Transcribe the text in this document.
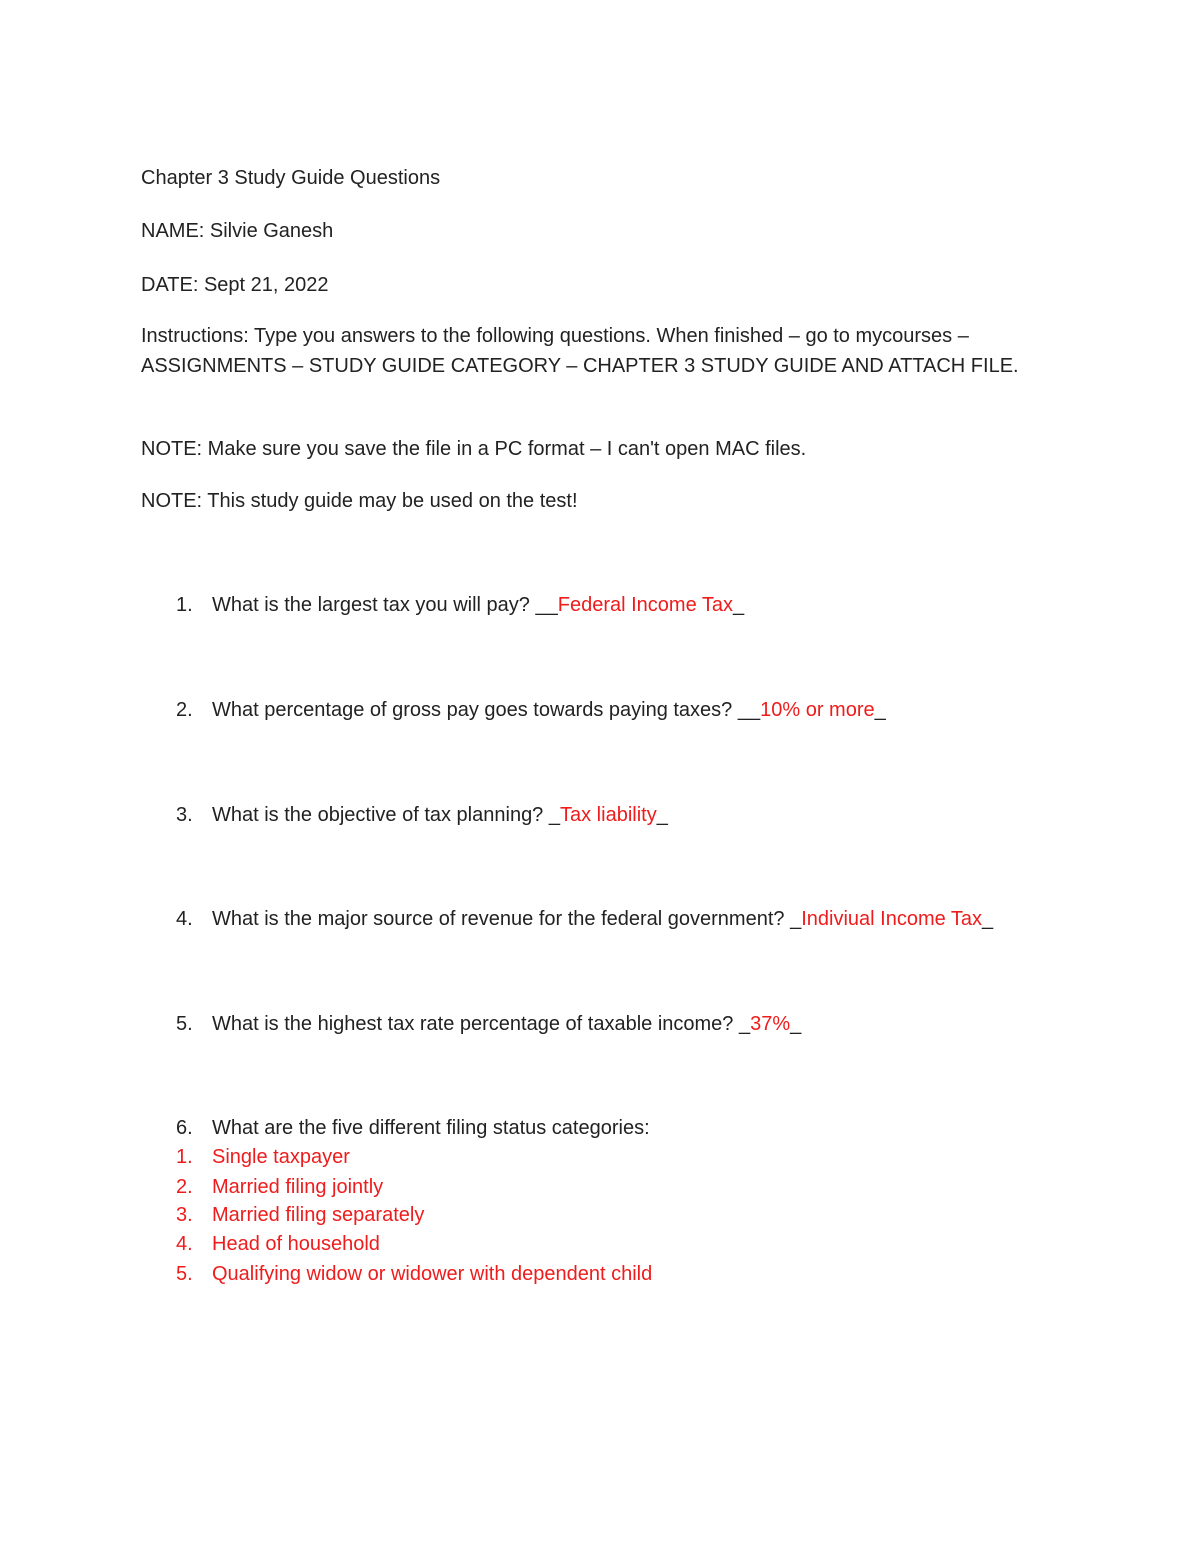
Chapter 3 Study Guide Questions
NAME: Silvie Ganesh
DATE: Sept 21, 2022
Instructions: Type you answers to the following questions. When finished – go to mycourses – ASSIGNMENTS – STUDY GUIDE CATEGORY – CHAPTER 3 STUDY GUIDE AND ATTACH FILE.
NOTE: Make sure you save the file in a PC format – I can't open MAC files.
NOTE: This study guide may be used on the test!
1. What is the largest tax you will pay? __Federal Income Tax_
2. What percentage of gross pay goes towards paying taxes? __10% or more_
3. What is the objective of tax planning? _Tax liability_
4. What is the major source of revenue for the federal government? _Indiviual Income Tax_
5. What is the highest tax rate percentage of taxable income? _37%_
6. What are the five different filing status categories:
1. Single taxpayer
2. Married filing jointly
3. Married filing separately
4. Head of household
5. Qualifying widow or widower with dependent child
